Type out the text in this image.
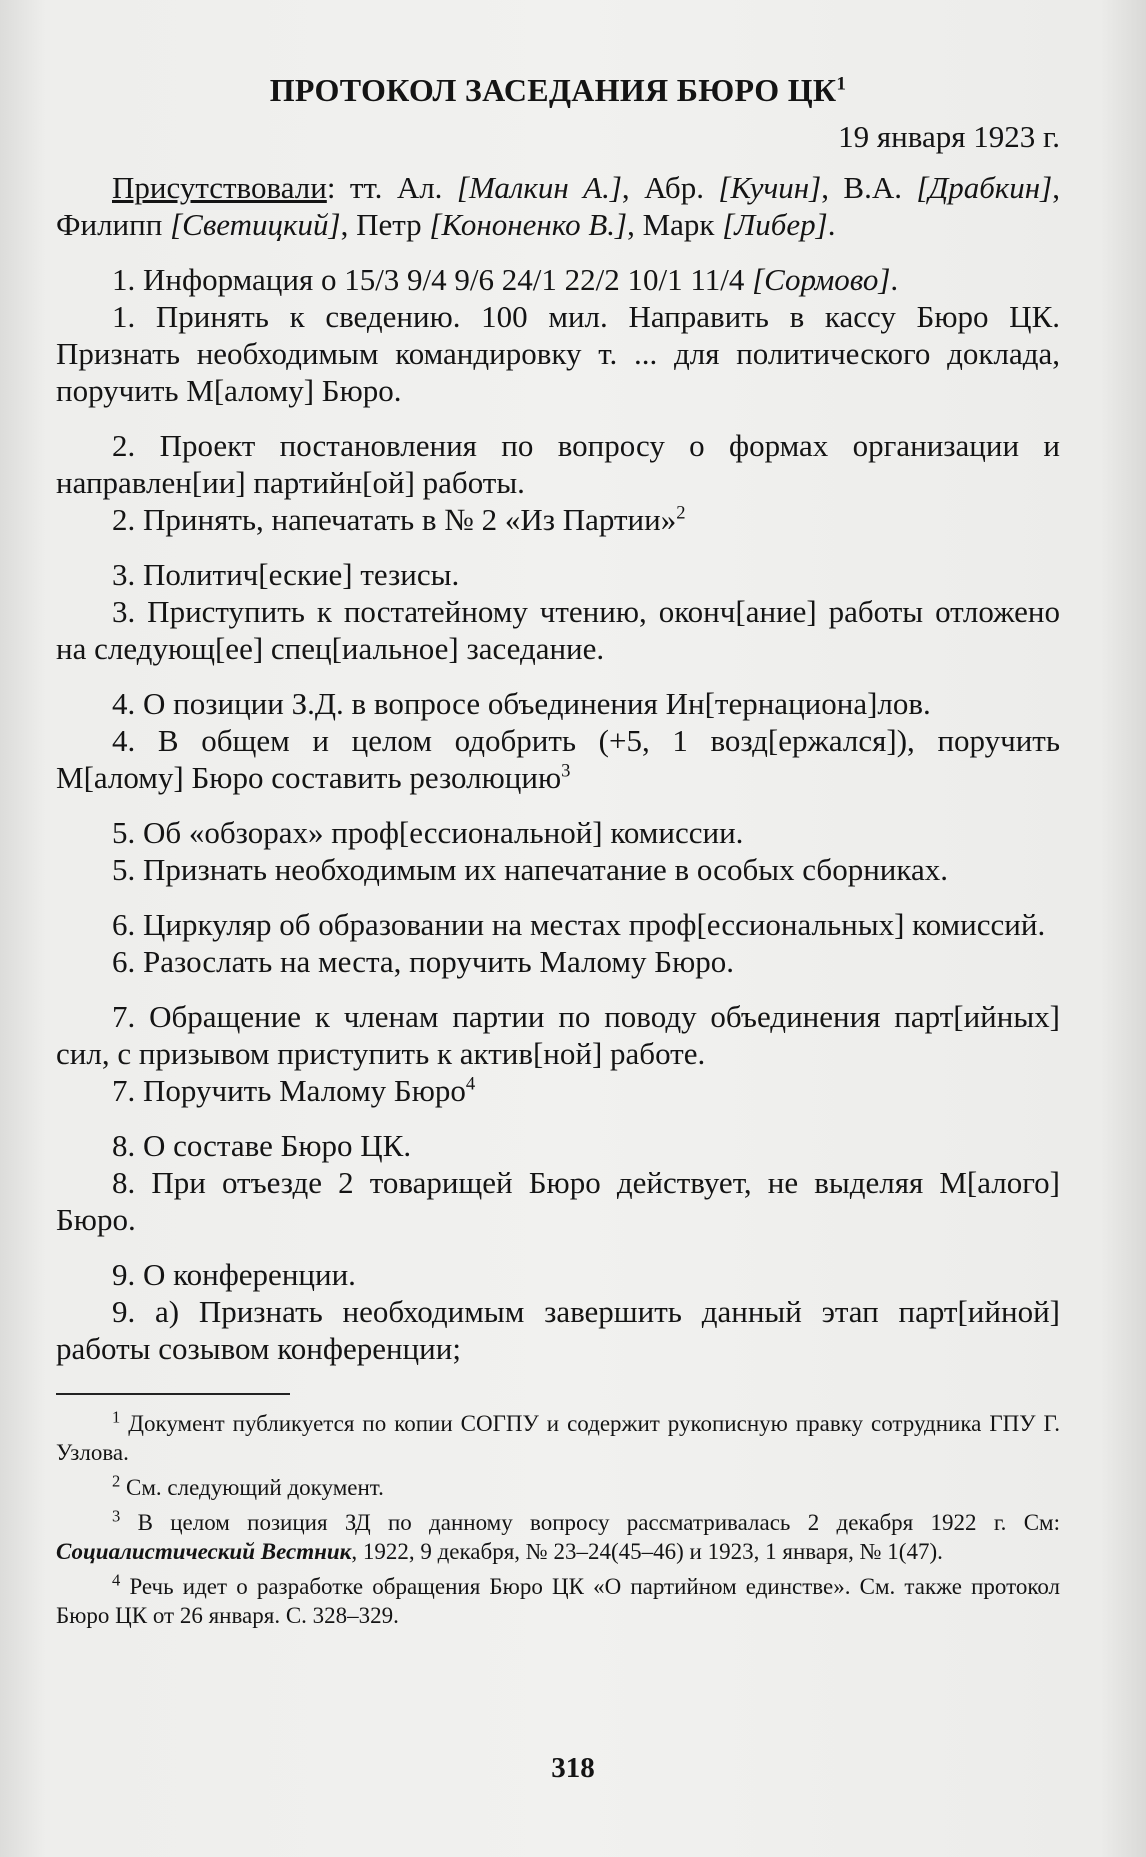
ПРОТОКОЛ ЗАСЕДАНИЯ БЮРО $ЦК^1$
19 января 1923 г.

Присутствовали: тт. Ал. [Малкин А.], Абр. [Кучин], В.А. [Драбкин], Филипп [Светицкий], Петр [Кононенко В.], Марк [Либер].

1. Информация о 15/3 9/4 9/6 24/1 22/2 10/1 11/4 [Сормово].

1. Принять к сведению. 100 мил. Направить в кассу Бюро ЦК. Признать необходимым командировку т. ... для политического доклада, поручить М[алому] Бюро.

2. Проект постановления по вопросу о формах организации и направлен[ии] партийн[ой] работы.

2. Принять, напечатать в № 2 «Из Партии»$^2$

3. Политич[еские] тезисы.

3. Приступить к постатейному чтению, оконч[ание] работы отложено на следующ[ее] спец[иальное] заседание.

4. О позиции З.Д. в вопросе объединения Ин[тернациона]лов.

4. В общем и целом одобрить (+5, 1 возд[ержался]), поручить М[алому] Бюро составить резолюцию$^3$

5. Об «обзорах» проф[ессиональной] комиссии.

5. Признать необходимым их напечатание в особых сборниках.

6. Циркуляр об образовании на местах проф[ессиональных] комиссий.

6. Разослать на места, поручить Малому Бюро.

7. Обращение к членам партии по поводу объединения парт[ийных] сил, с призывом приступить к актив[ной] работе.

7. Поручить Малому Бюро$^4$

8. О составе Бюро ЦК.

8. При отъезде 2 товарищей Бюро действует, не выделяя М[алого] Бюро.

9. О конференции.

9. а) Признать необходимым завершить данный этап парт[ийной] работы созывом конференции;

$^1$ Документ публикуется по копии СОГПУ и содержит рукописную правку сотрудника ГПУ Г. Узлова.

$^2$ См. следующий документ.

$^3$ В целом позиция ЗД по данному вопросу рассматривалась 2 декабря 1922 г. См: Социалистический Вестник, 1922, 9 декабря, № 23–24(45–46) и 1923, 1 января, № 1(47).

$^4$ Речь идет о разработке обращения Бюро ЦК «О партийном единстве». См. также протокол Бюро ЦК от 26 января. С. 328–329.

318
